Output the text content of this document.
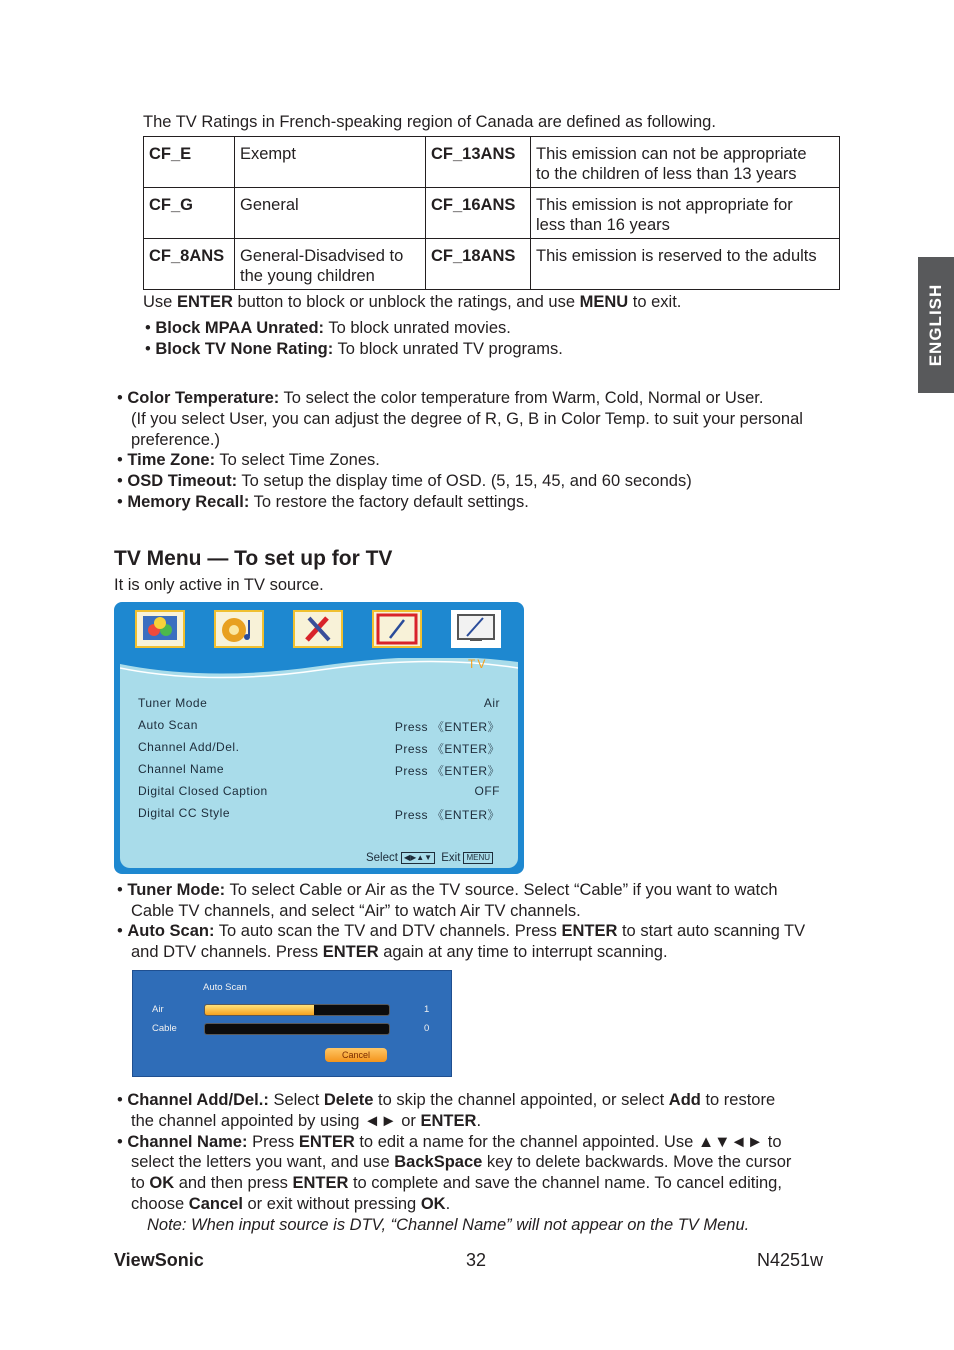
The TV Ratings in French-speaking region of Canada are defined as following.
CF_E	Exempt	CF_13ANS	This emission can not be appropriate
to the children of less than 13 years
CF_G	General	CF_16ANS	This emission is not appropriate for
less than 16 years
CF_8ANS	General-Disadvised to
the young children	CF_18ANS	This emission is reserved to the adults
Use ENTER button to block or unblock the ratings, and use MENU to exit.
• Block MPAA Unrated: To block unrated movies.
• Block TV None Rating: To block unrated TV programs.
• Color Temperature: To select the color temperature from Warm, Cold, Normal or User.
(If you select User, you can adjust the degree of R, G, B in Color Temp. to suit your personal
preference.)
• Time Zone: To select Time Zones.
• OSD Timeout: To setup the display time of OSD. (5, 15, 45, and 60 seconds)
• Memory Recall: To restore the factory default settings.
ENGLISH
TV Menu — To set up for TV
It is only active in TV source.
TV
Tuner Mode	Air
Auto Scan	Press 《ENTER》
Channel Add/Del.	Press 《ENTER》
Channel Name	Press 《ENTER》
Digital Closed Caption	OFF
Digital CC Style	Press 《ENTER》
Select ◀▶▲▼ Exit MENU
• Tuner Mode: To select Cable or Air as the TV source. Select “Cable” if you want to watch
Cable TV channels, and select “Air” to watch Air TV channels.
• Auto Scan: To auto scan the TV and DTV channels. Press ENTER to start auto scanning TV
and DTV channels. Press ENTER again at any time to interrupt scanning.
Auto Scan
Air	1
Cable	0
Cancel
• Channel Add/Del.: Select Delete to skip the channel appointed, or select Add to restore
the channel appointed by using ◄► or ENTER.
• Channel Name: Press ENTER to edit a name for the channel appointed. Use ▲▼◄► to
select the letters you want, and use BackSpace key to delete backwards. Move the cursor
to OK and then press ENTER to complete and save the channel name. To cancel editing,
choose Cancel or exit without pressing OK.
Note: When input source is DTV, “Channel Name” will not appear on the TV Menu.
ViewSonic	32	N4251w
